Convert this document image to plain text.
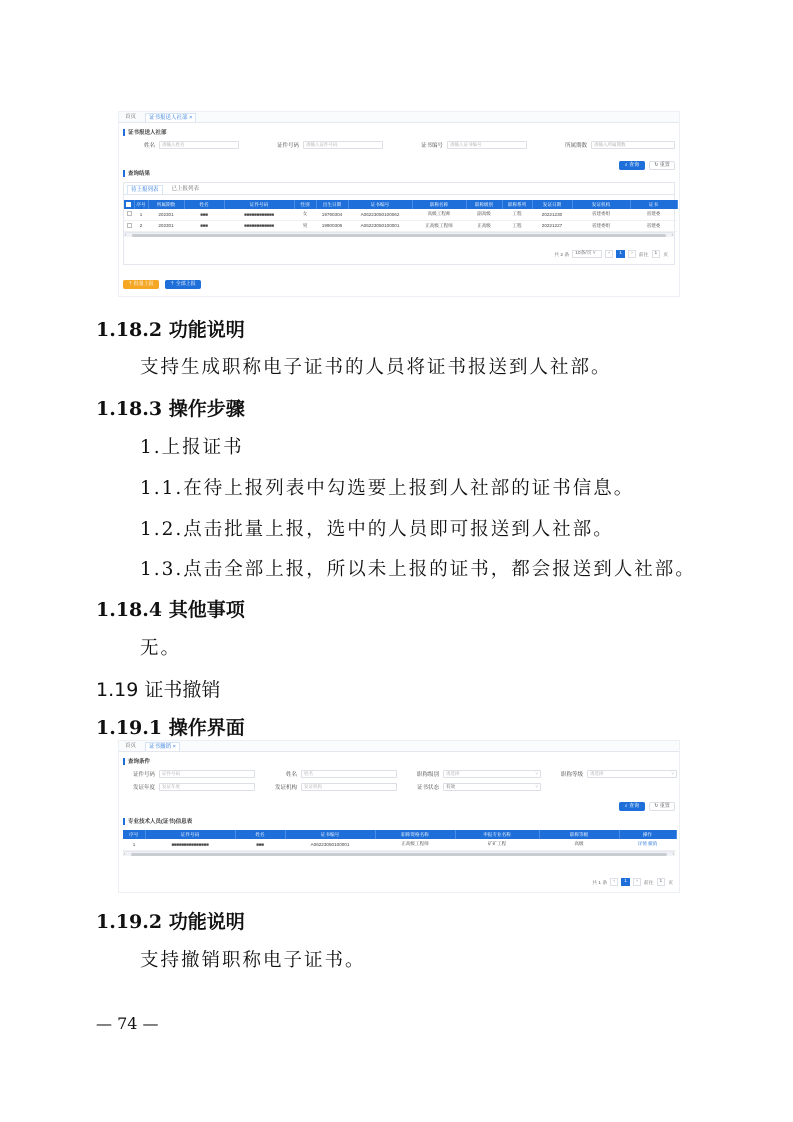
首页	证书报送人社部 ×
证书报送人社部
姓名	请输入姓名	证件号码	请输入证件号码	证书编号	请输入证书编号	所属期数	请输入所属期数
⌕ 查询	↻ 重置
查询结果
待上报列表	已上报列表
	序号	所属期数	姓名	证件号码	性别	出生日期	证书编号	职称名称	职称级别	职称系列	发证日期	发证机构	证书
	1	202301	■■■	■■■■■■■■■■■■	女	19790304	A06223050100062	高级工程师	副高级	工程	20221230	省建委组	省建委
	2	202301	■■■	■■■■■■■■■■■■	男	19900306	A06223050100001	正高级工程师	正高级	工程	20221227	省建委组	省建委
‹	›
共 2 条	10条/页 ˅	‹	1	›	前往	1	页
⇡ 批量上报	⇡ 全部上报
1.18.2 功能说明
支持生成职称电子证书的人员将证书报送到人社部。
1.18.3 操作步骤
1.上报证书
1.1.在待上报列表中勾选要上报到人社部的证书信息。
1.2.点击批量上报，选中的人员即可报送到人社部。
1.3.点击全部上报，所以未上报的证书，都会报送到人社部。
1.18.4 其他事项
无。
1.19 证书撤销
1.19.1 操作界面
首页	证书撤销 ×
查询条件
证件号码	证件号码	姓名	姓名	职称级别	请选择	˅	职称等级	请选择	˅
发证年度	发证年度	发证机构	发证机构	证书状态	有效	˅
⌕ 查询	↻ 重置
专业技术人员(证书)信息表
序号	证件号码	姓名	证书编号	职称资格名称	申报专业名称	职称等级	操作
1	■■■■■■■■■■■■■■■	■■■	A06223050100001	正高级工程师	矿矿工程	高级	详情 撤销
‹	›
共 1 条	‹	1	›	前往	1	页
1.19.2 功能说明
支持撤销职称电子证书。
— 74 —
